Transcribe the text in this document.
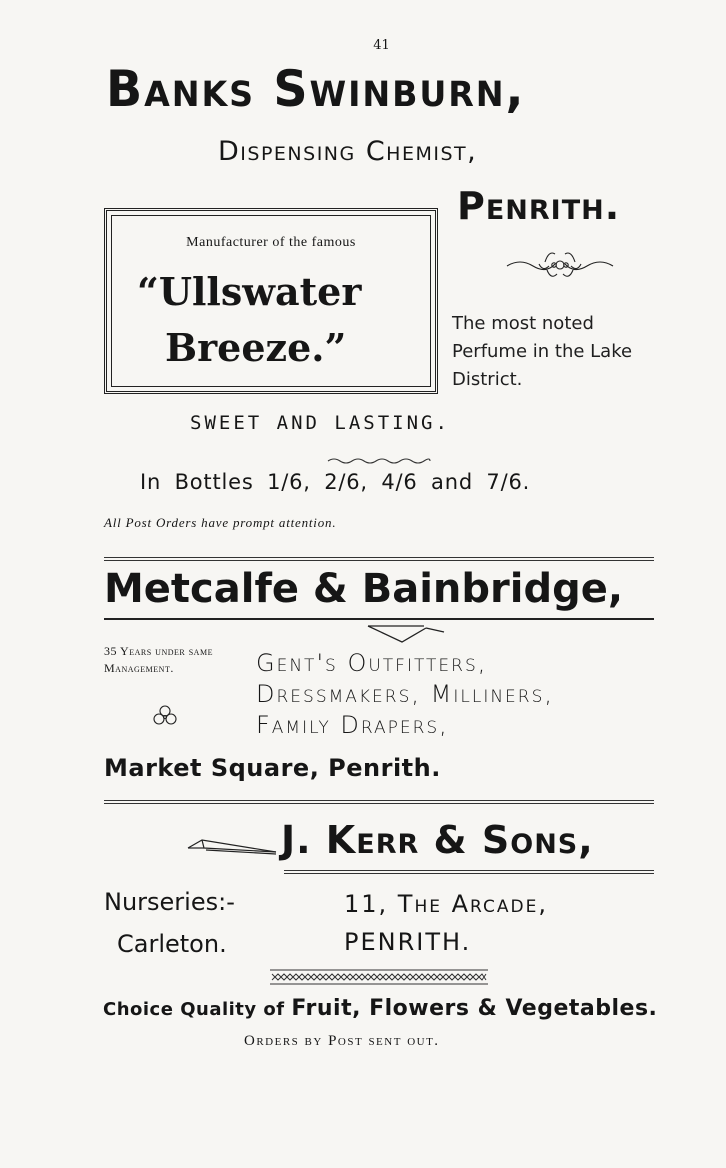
41
Banks Swinburn,
Dispensing Chemist,
Penrith.
Manufacturer of the famous
“Ullswater
Breeze.”
The most noted Perfume in the Lake District.
SWEET AND LASTING.
In Bottles 1/6, 2/6, 4/6 and 7/6.
All Post Orders have prompt attention.
Metcalfe & Bainbridge,
35 Years under same Management.	Gent's Outfitters,
Dressmakers, Milliners,
Family Drapers,
Market Square, Penrith.
J. Kerr & Sons,
Nurseries:-
Carleton.
11, The Arcade,
PENRITH.
Choice Quality of Fruit, Flowers & Vegetables.
Orders by Post sent out.
